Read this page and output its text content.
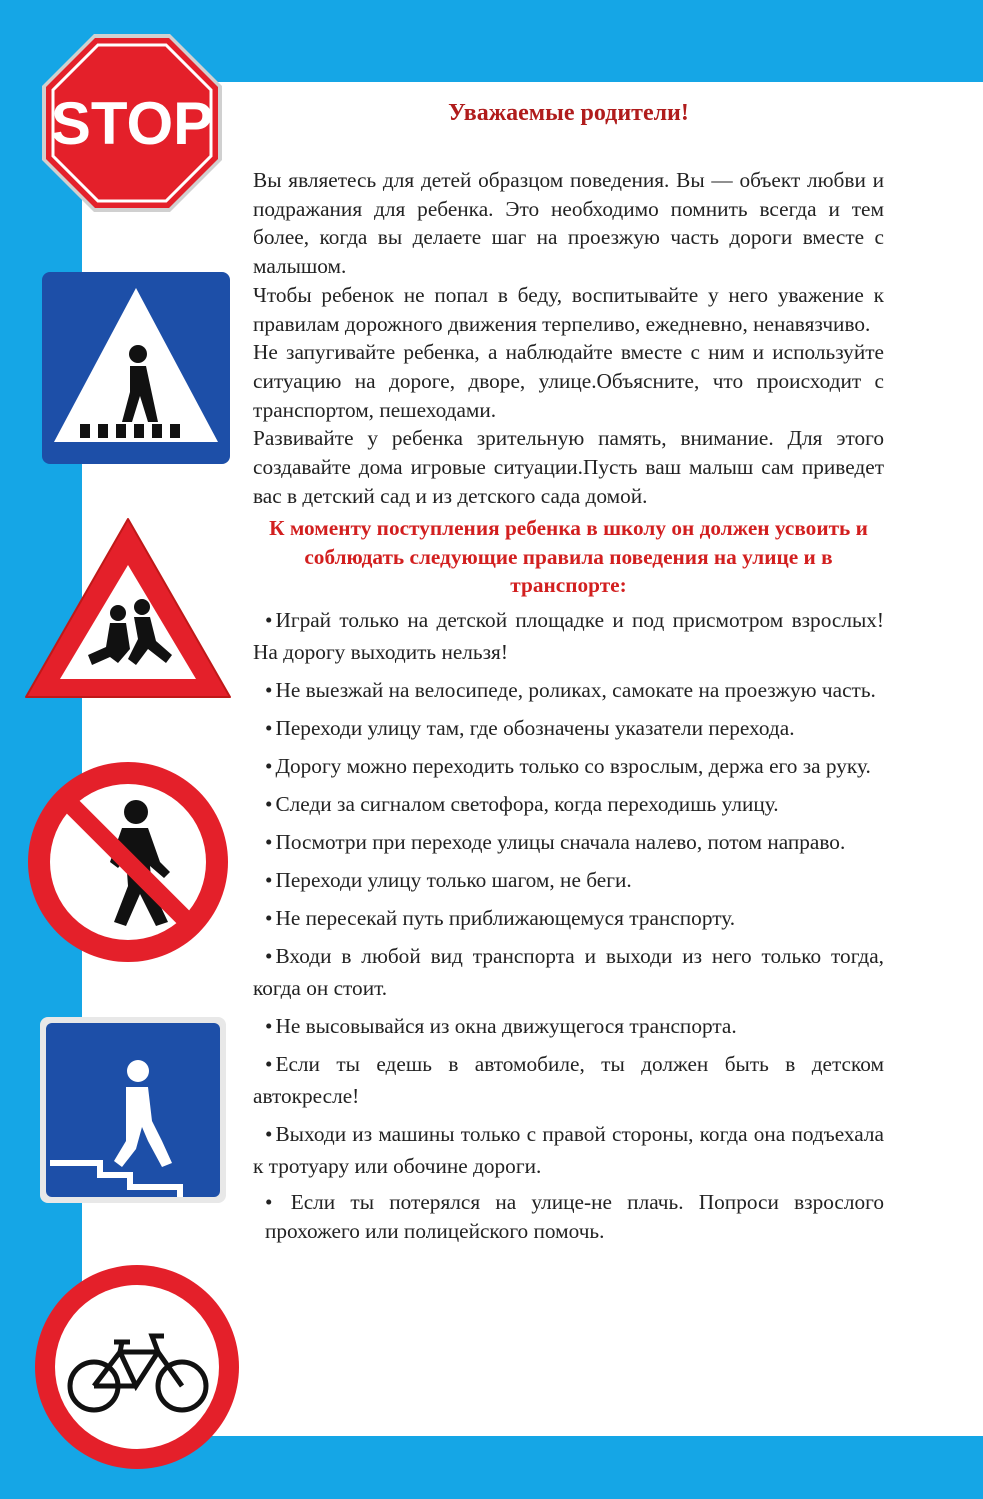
STOP	Уважаемые родители!

Вы являетесь для детей образцом поведения. Вы — объект любви и подражания для ребенка. Это необходимо помнить всегда и тем более, когда вы делаете шаг на проезжую часть дороги вместе с малышом.

Чтобы ребенок не попал в беду, воспитывайте у него уважение к правилам дорожного движения терпеливо, ежедневно, ненавязчиво.

Не запугивайте ребенка, а наблюдайте вместе с ним и используйте ситуацию на дороге, дворе, улице.Объясните, что происходит с транспортом, пешеходами.

Развивайте у ребенка зрительную память, внимание. Для этого создавайте дома игровые ситуации.Пусть ваш малыш сам приведет вас в детский сад и из детского сада домой.

К моменту поступления ребенка в школу он должен усвоить и соблюдать следующие правила поведения на улице и в транспорте:

• Играй только на детской площадке и под присмотром взрослых! На дорогу выходить нельзя!

• Не выезжай на велосипеде, роликах, самокате на проезжую часть.

• Переходи улицу там, где обозначены указатели перехода.

• Дорогу можно переходить только со взрослым, держа его за руку.

• Следи за сигналом светофора, когда переходишь улицу.

• Посмотри при переходе улицы сначала налево, потом направо.

• Переходи улицу только шагом, не беги.

• Не пересекай путь приближающемуся транспорту.

• Входи в любой вид транспорта и выходи из него только тогда, когда он стоит.

• Не высовывайся из окна движущегося транспорта.

• Если ты едешь в автомобиле, ты должен быть в детском автокресле!

• Выходи из машины только с правой стороны, когда она подъехала к тротуару или обочине дороги.

• Если ты потерялся на улице-не плачь. Попроси взрослого прохожего или полицейского помочь.
